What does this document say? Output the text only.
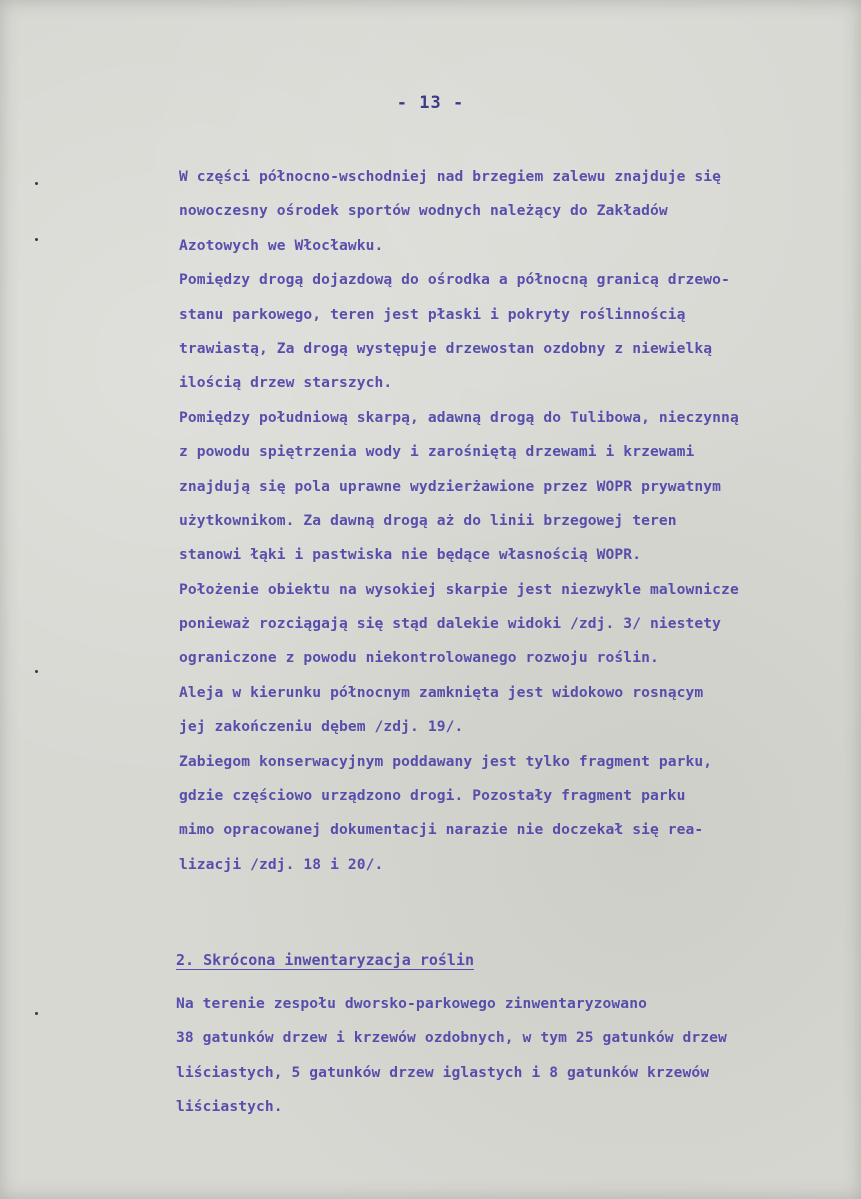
- 13 -
W części północno-wschodniej nad brzegiem zalewu znajduje się
nowoczesny ośrodek sportów wodnych należący do Zakładów
Azotowych we Włocławku.
Pomiędzy drogą dojazdową do ośrodka a północną granicą drzewo-
stanu parkowego, teren jest płaski i pokryty roślinnością
trawiastą, Za drogą występuje drzewostan ozdobny z niewielką
ilością drzew starszych.
Pomiędzy południową skarpą, adawną drogą do Tulibowa, nieczynną
z powodu spiętrzenia wody i zarośniętą drzewami i krzewami
znajdują się pola uprawne wydzierżawione przez WOPR prywatnym
użytkownikom. Za dawną drogą aż do linii brzegowej teren
stanowi łąki i pastwiska nie będące własnością WOPR.
Położenie obiektu na wysokiej skarpie jest niezwykle malownicze
ponieważ rozciągają się stąd dalekie widoki /zdj. 3/ niestety
ograniczone z powodu niekontrolowanego rozwoju roślin.
Aleja w kierunku północnym zamknięta jest widokowo rosnącym
jej zakończeniu dębem /zdj. 19/.
Zabiegom konserwacyjnym poddawany jest tylko fragment parku,
gdzie częściowo urządzono drogi. Pozostały fragment parku
mimo opracowanej dokumentacji narazie nie doczekał się rea-
lizacji /zdj. 18 i 20/.
2. Skrócona inwentaryzacja roślin
Na terenie zespołu dworsko-parkowego zinwentaryzowano
38 gatunków drzew i krzewów ozdobnych, w tym 25 gatunków drzew
liściastych, 5 gatunków drzew iglastych i 8 gatunków krzewów
liściastych.
